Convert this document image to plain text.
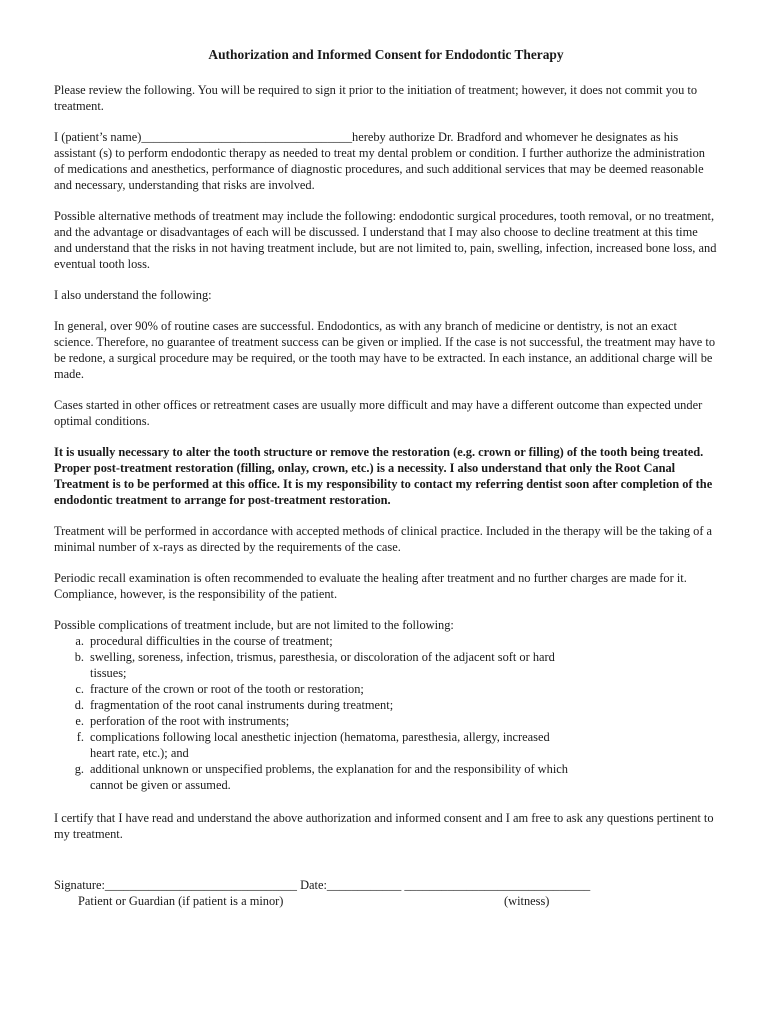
Authorization and Informed Consent for Endodontic Therapy

Please review the following. You will be required to sign it prior to the initiation of treatment; however, it does not commit you to treatment.

I (patient’s name)__________________________________hereby authorize Dr. Bradford and whomever he designates as his assistant (s) to perform endodontic therapy as needed to treat my dental problem or condition. I further authorize the administration of medications and anesthetics, performance of diagnostic procedures, and such additional services that may be deemed reasonable and necessary, understanding that risks are involved.

Possible alternative methods of treatment may include the following: endodontic surgical procedures, tooth removal, or no treatment, and the advantage or disadvantages of each will be discussed. I understand that I may also choose to decline treatment at this time and understand that the risks in not having treatment include, but are not limited to, pain, swelling, infection, increased bone loss, and eventual tooth loss.

I also understand the following:

In general, over 90% of routine cases are successful. Endodontics, as with any branch of medicine or dentistry, is not an exact science. Therefore, no guarantee of treatment success can be given or implied. If the case is not successful, the treatment may have to be redone, a surgical procedure may be required, or the tooth may have to be extracted. In each instance, an additional charge will be made.

Cases started in other offices or retreatment cases are usually more difficult and may have a different outcome than expected under optimal conditions.

It is usually necessary to alter the tooth structure or remove the restoration (e.g. crown or filling) of the tooth being treated. Proper post-treatment restoration (filling, onlay, crown, etc.) is a necessity. I also understand that only the Root Canal Treatment is to be performed at this office. It is my responsibility to contact my referring dentist soon after completion of the endodontic treatment to arrange for post-treatment restoration.

Treatment will be performed in accordance with accepted methods of clinical practice. Included in the therapy will be the taking of a minimal number of x-rays as directed by the requirements of the case.

Periodic recall examination is often recommended to evaluate the healing after treatment and no further charges are made for it. Compliance, however, is the responsibility of the patient.

Possible complications of treatment include, but are not limited to the following:

a. procedural difficulties in the course of treatment;
b. swelling, soreness, infection, trismus, paresthesia, or discoloration of the adjacent soft or hard tissues;
c. fracture of the crown or root of the tooth or restoration;
d. fragmentation of the root canal instruments during treatment;
e. perforation of the root with instruments;
f. complications following local anesthetic injection (hematoma, paresthesia, allergy, increased heart rate, etc.); and
g. additional unknown or unspecified problems, the explanation for and the responsibility of which cannot be given or assumed.

I certify that I have read and understand the above authorization and informed consent and I am free to ask any questions pertinent to my treatment.

Signature:_______________________________ Date:____________ ______________________________
Patient or Guardian (if patient is a minor)	(witness)
